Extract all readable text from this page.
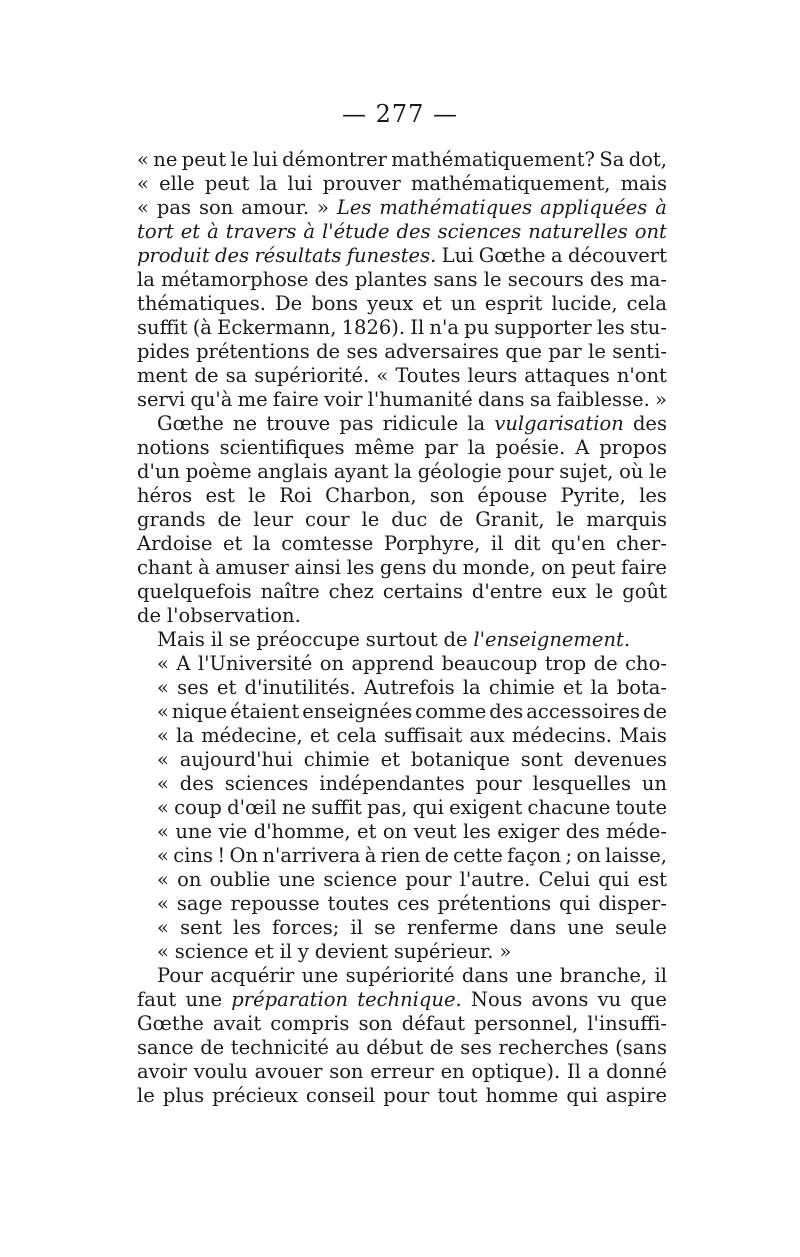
— 277 —
« ne peut le lui démontrer mathématiquement? Sa dot,
« elle peut la lui prouver mathématiquement, mais
« pas son amour. » Les mathématiques appliquées à
tort et à travers à l'étude des sciences naturelles ont
produit des résultats funestes. Lui Gœthe a découvert
la métamorphose des plantes sans le secours des ma-
thématiques. De bons yeux et un esprit lucide, cela
suffit (à Eckermann, 1826). Il n'a pu supporter les stu-
pides prétentions de ses adversaires que par le senti-
ment de sa supériorité. « Toutes leurs attaques n'ont
servi qu'à me faire voir l'humanité dans sa faiblesse. »
Gœthe ne trouve pas ridicule la vulgarisation des
notions scientifiques même par la poésie. A propos
d'un poème anglais ayant la géologie pour sujet, où le
héros est le Roi Charbon, son épouse Pyrite, les
grands de leur cour le duc de Granit, le marquis
Ardoise et la comtesse Porphyre, il dit qu'en cher-
chant à amuser ainsi les gens du monde, on peut faire
quelquefois naître chez certains d'entre eux le goût
de l'observation.
Mais il se préoccupe surtout de l'enseignement.
« A l'Université on apprend beaucoup trop de cho-
« ses et d'inutilités. Autrefois la chimie et la bota-
« nique étaient enseignées comme des accessoires de
« la médecine, et cela suffisait aux médecins. Mais
« aujourd'hui chimie et botanique sont devenues
« des sciences indépendantes pour lesquelles un
« coup d'œil ne suffit pas, qui exigent chacune toute
« une vie d'homme, et on veut les exiger des méde-
« cins ! On n'arrivera à rien de cette façon ; on laisse,
« on oublie une science pour l'autre. Celui qui est
« sage repousse toutes ces prétentions qui disper-
« sent les forces; il se renferme dans une seule
« science et il y devient supérieur. »
Pour acquérir une supériorité dans une branche, il
faut une préparation technique. Nous avons vu que
Gœthe avait compris son défaut personnel, l'insuffi-
sance de technicité au début de ses recherches (sans
avoir voulu avouer son erreur en optique). Il a donné
le plus précieux conseil pour tout homme qui aspire
